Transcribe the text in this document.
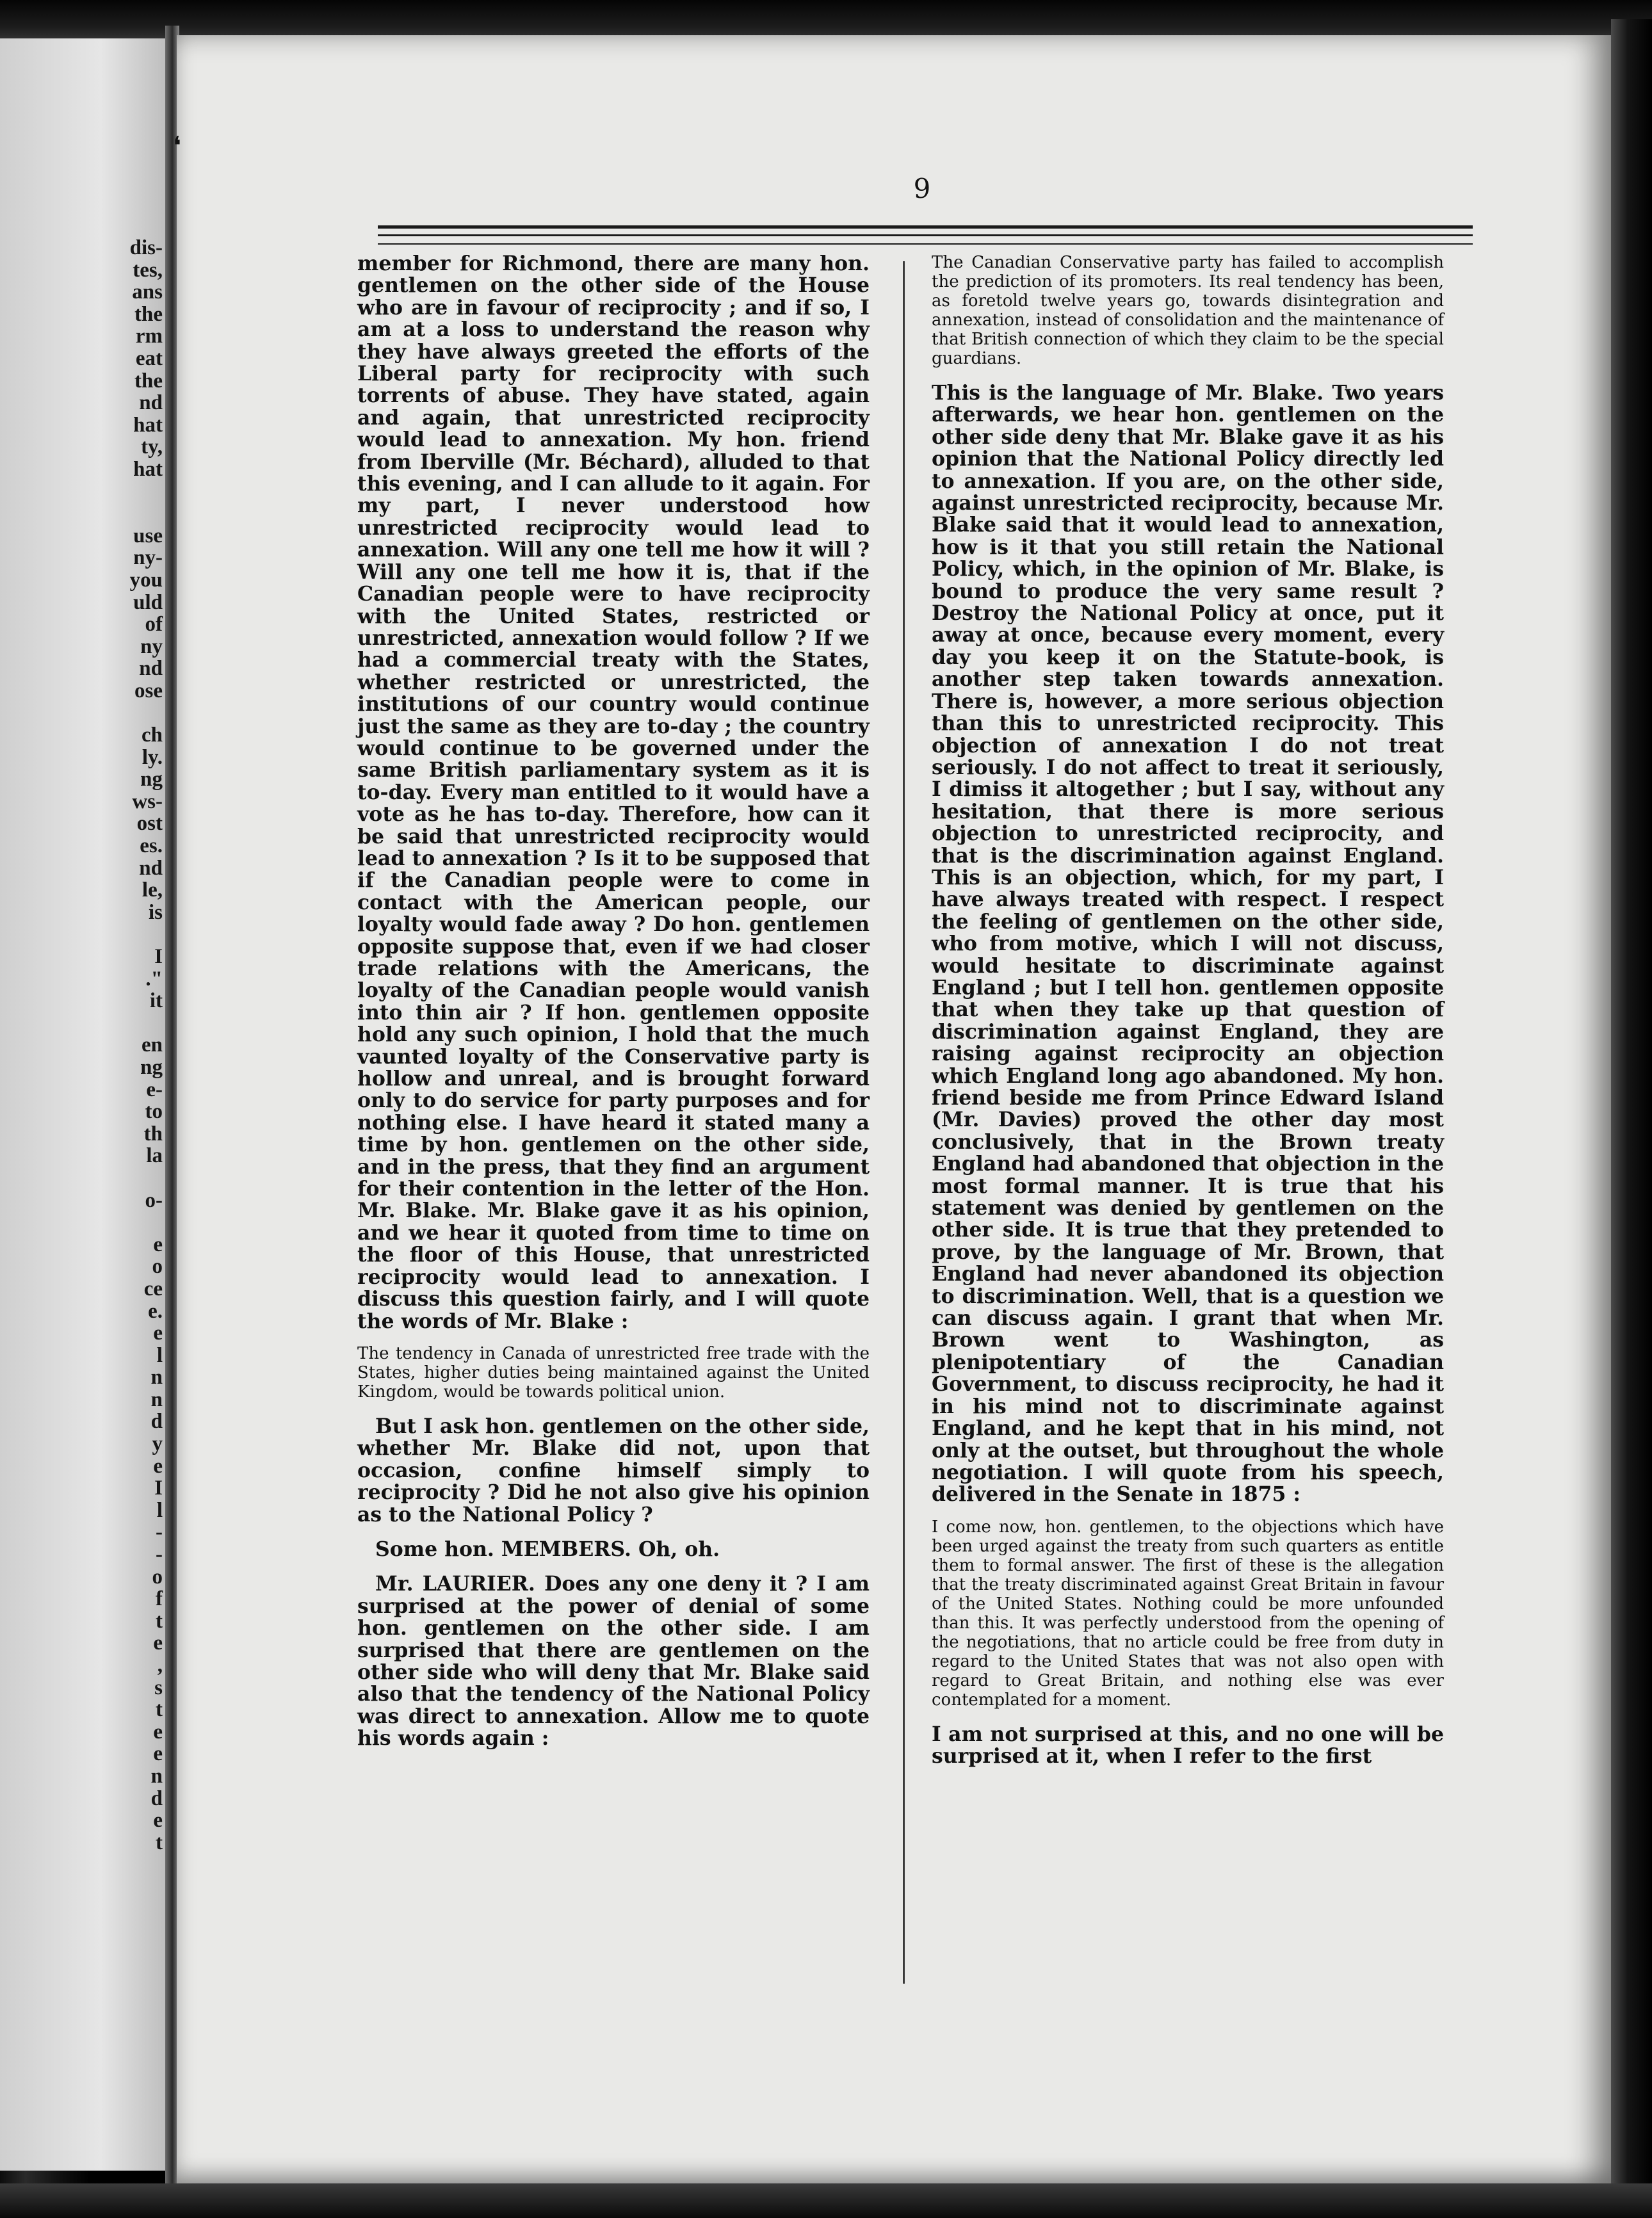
dis-
tes,
ans
the
rm
eat
the
nd
hat
ty,
hat

use
ny-
you
uld
of
ny
nd
ose

ch
ly.
ng
ws-
ost
es.
nd
le,
is

I
."
it

en
ng
e-
to
th
la

o-

e
o
ce
e.
e
l
n
n
d
y
e
I
l
-
-
o
f
t
e
,
s
t
e
e
n
d
e
t
❛
9

member for Richmond, there are many hon. gentlemen on the other side of the House who are in favour of reciprocity ; and if so, I am at a loss to understand the reason why they have always greeted the efforts of the Liberal party for reciprocity with such torrents of abuse. They have stated, again and again, that unrestricted reciprocity would lead to annexation. My hon. friend from Iberville (Mr. Béchard), alluded to that this evening, and I can allude to it again. For my part, I never understood how unrestricted reciprocity would lead to annexation. Will any one tell me how it will ? Will any one tell me how it is, that if the Canadian people were to have reciprocity with the United States, restricted or unrestricted, annexation would follow ? If we had a commercial treaty with the States, whether restricted or unrestricted, the institutions of our country would continue just the same as they are to-day ; the country would continue to be governed under the same British parliamentary system as it is to-day. Every man entitled to it would have a vote as he has to-day. Therefore, how can it be said that unrestricted reciprocity would lead to annexation ? Is it to be supposed that if the Canadian people were to come in contact with the American people, our loyalty would fade away ? Do hon. gentlemen opposite suppose that, even if we had closer trade relations with the Americans, the loyalty of the Canadian people would vanish into thin air ? If hon. gentlemen opposite hold any such opinion, I hold that the much vaunted loyalty of the Conservative party is hollow and unreal, and is brought forward only to do service for party purposes and for nothing else. I have heard it stated many a time by hon. gentlemen on the other side, and in the press, that they find an argument for their contention in the letter of the Hon. Mr. Blake. Mr. Blake gave it as his opinion, and we hear it quoted from time to time on the floor of this House, that unrestricted reciprocity would lead to annexation. I discuss this question fairly, and I will quote the words of Mr. Blake :

The tendency in Canada of unrestricted free trade with the States, higher duties being maintained against the United Kingdom, would be towards political union.

But I ask hon. gentlemen on the other side, whether Mr. Blake did not, upon that occasion, confine himself simply to reciprocity ? Did he not also give his opinion as to the National Policy ?

Some hon. MEMBERS. Oh, oh.

Mr. LAURIER. Does any one deny it ? I am surprised at the power of denial of some hon. gentlemen on the other side. I am surprised that there are gentlemen on the other side who will deny that Mr. Blake said also that the tendency of the National Policy was direct to annexation. Allow me to quote his words again :

The Canadian Conservative party has failed to accomplish the prediction of its promoters. Its real tendency has been, as foretold twelve years go, towards disintegration and annexation, instead of consolidation and the maintenance of that British connection of which they claim to be the special guardians.

This is the language of Mr. Blake. Two years afterwards, we hear hon. gentlemen on the other side deny that Mr. Blake gave it as his opinion that the National Policy directly led to annexation. If you are, on the other side, against unrestricted reciprocity, because Mr. Blake said that it would lead to annexation, how is it that you still retain the National Policy, which, in the opinion of Mr. Blake, is bound to produce the very same result ? Destroy the National Policy at once, put it away at once, because every moment, every day you keep it on the Statute-book, is another step taken towards annexation. There is, however, a more serious objection than this to unrestricted reciprocity. This objection of annexation I do not treat seriously. I do not affect to treat it seriously, I dimiss it altogether ; but I say, without any hesitation, that there is more serious objection to unrestricted reciprocity, and that is the discrimination against England. This is an objection, which, for my part, I have always treated with respect. I respect the feeling of gentlemen on the other side, who from motive, which I will not discuss, would hesitate to discriminate against England ; but I tell hon. gentlemen opposite that when they take up that question of discrimination against England, they are raising against reciprocity an objection which England long ago abandoned. My hon. friend beside me from Prince Edward Island (Mr. Davies) proved the other day most conclusively, that in the Brown treaty England had abandoned that objection in the most formal manner. It is true that his statement was denied by gentlemen on the other side. It is true that they pretended to prove, by the language of Mr. Brown, that England had never abandoned its objection to discrimination. Well, that is a question we can discuss again. I grant that when Mr. Brown went to Washington, as plenipotentiary of the Canadian Government, to discuss reciprocity, he had it in his mind not to discriminate against England, and he kept that in his mind, not only at the outset, but throughout the whole negotiation. I will quote from his speech, delivered in the Senate in 1875 :

I come now, hon. gentlemen, to the objections which have been urged against the treaty from such quarters as entitle them to formal answer. The first of these is the allegation that the treaty discriminated against Great Britain in favour of the United States. Nothing could be more unfounded than this. It was perfectly understood from the opening of the negotiations, that no article could be free from duty in regard to the United States that was not also open with regard to Great Britain, and nothing else was ever contemplated for a moment.

I am not surprised at this, and no one will be surprised at it, when I refer to the first
